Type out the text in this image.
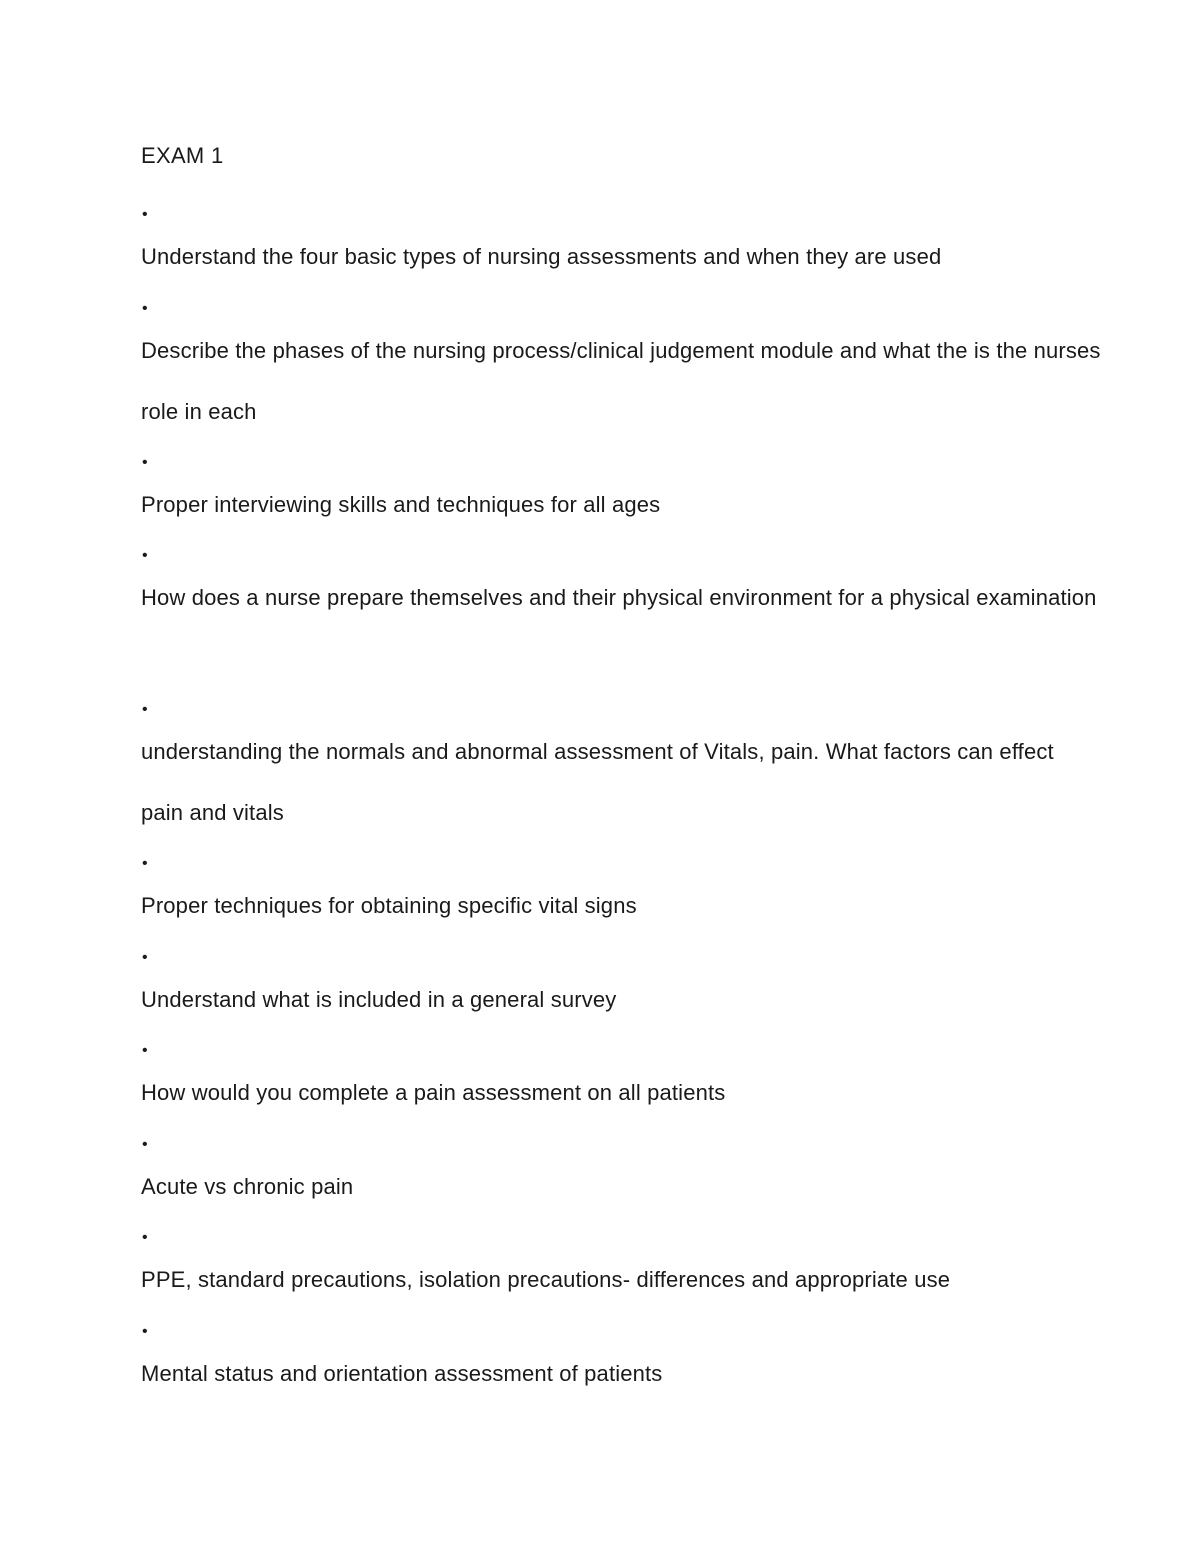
EXAM 1
•
Understand the four basic types of nursing assessments and when they are used
•
Describe the phases of the nursing process/clinical judgement module and what the is the nurses role in each
•
Proper interviewing skills and techniques for all ages
•
How does a nurse prepare themselves and their physical environment for a physical examination
•
understanding the normals and abnormal assessment of Vitals, pain. What factors can effect pain and vitals
•
Proper techniques for obtaining specific vital signs
•
Understand what is included in a general survey
•
How would you complete a pain assessment on all patients
•
Acute vs chronic pain
•
PPE, standard precautions, isolation precautions- differences and appropriate use
•
Mental status and orientation assessment of patients
